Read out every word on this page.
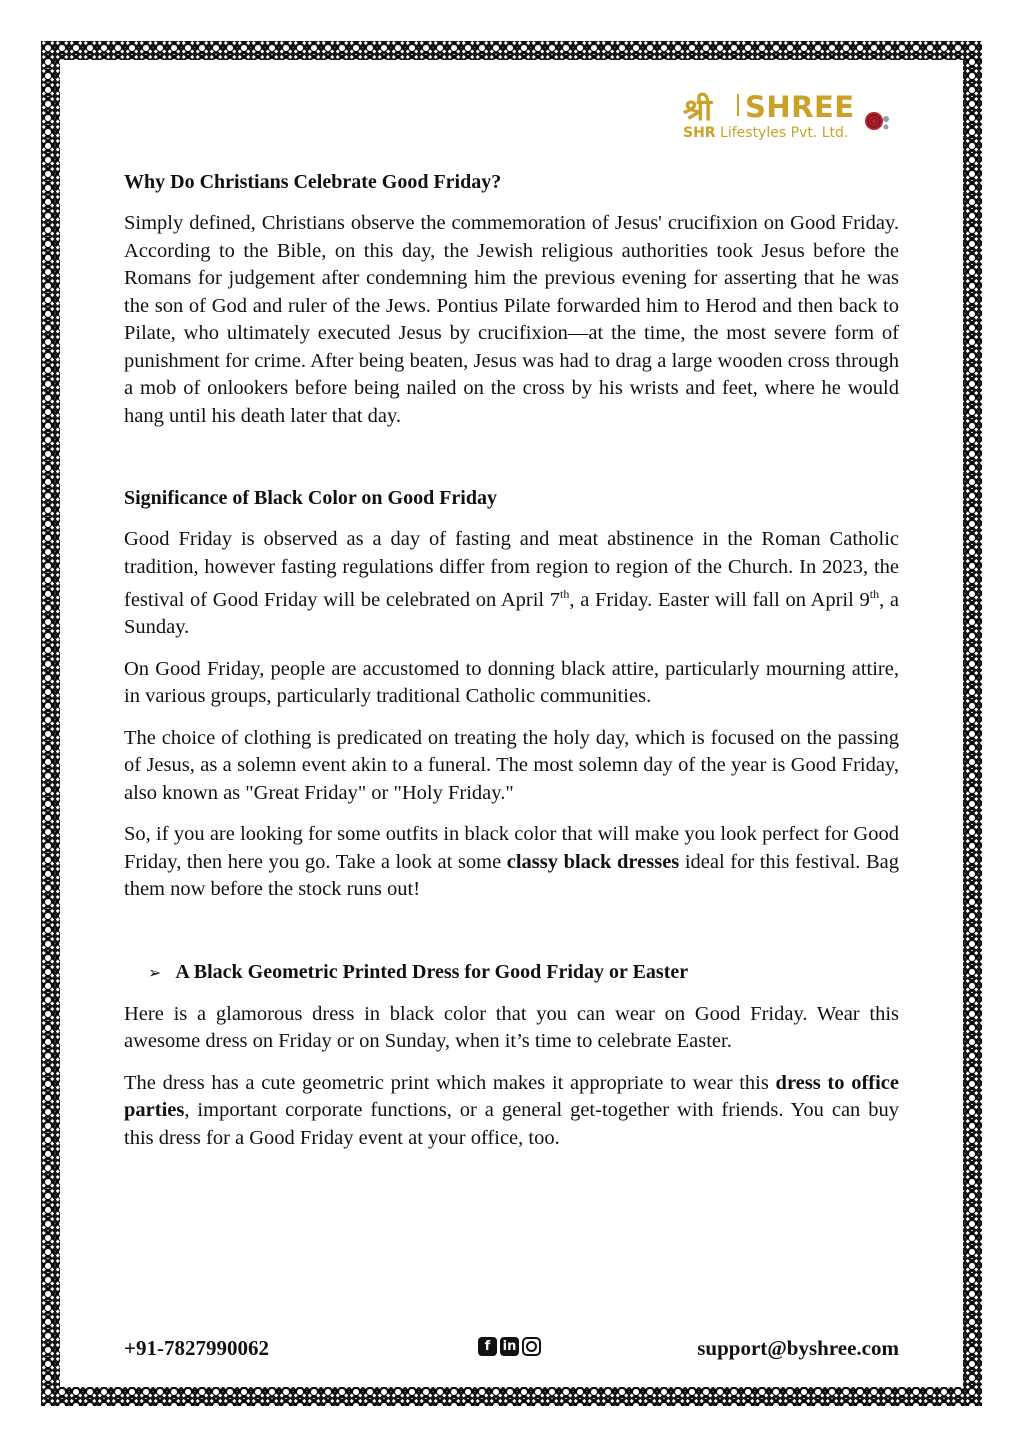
श्री SHREE
SHR Lifestyles Pvt. Ltd.
Why Do Christians Celebrate Good Friday?

Simply defined, Christians observe the commemoration of Jesus' crucifixion on Good Friday. According to the Bible, on this day, the Jewish religious authorities took Jesus before the Romans for judgement after condemning him the previous evening for asserting that he was the son of God and ruler of the Jews. Pontius Pilate forwarded him to Herod and then back to Pilate, who ultimately executed Jesus by crucifixion—at the time, the most severe form of punishment for crime. After being beaten, Jesus was had to drag a large wooden cross through a mob of onlookers before being nailed on the cross by his wrists and feet, where he would hang until his death later that day.

Significance of Black Color on Good Friday

Good Friday is observed as a day of fasting and meat abstinence in the Roman Catholic tradition, however fasting regulations differ from region to region of the Church. In 2023, the festival of Good Friday will be celebrated on April 7th, a Friday. Easter will fall on April 9th, a Sunday.

On Good Friday, people are accustomed to donning black attire, particularly mourning attire, in various groups, particularly traditional Catholic communities.

The choice of clothing is predicated on treating the holy day, which is focused on the passing of Jesus, as a solemn event akin to a funeral. The most solemn day of the year is Good Friday, also known as "Great Friday" or "Holy Friday."

So, if you are looking for some outfits in black color that will make you look perfect for Good Friday, then here you go. Take a look at some classy black dresses ideal for this festival. Bag them now before the stock runs out!

➢ A Black Geometric Printed Dress for Good Friday or Easter

Here is a glamorous dress in black color that you can wear on Good Friday. Wear this awesome dress on Friday or on Sunday, when it’s time to celebrate Easter.

The dress has a cute geometric print which makes it appropriate to wear this dress to office parties, important corporate functions, or a general get-together with friends. You can buy this dress for a Good Friday event at your office, too.

+91-7827990062	f in	support@byshree.com
